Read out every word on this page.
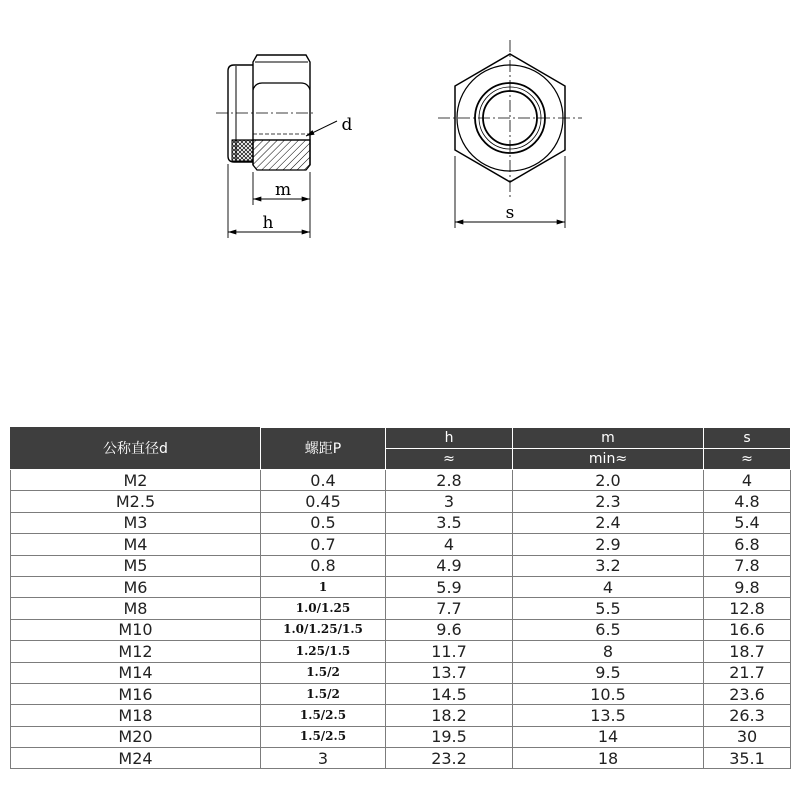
d
m
h	s
公称直径d	螺距P	h	m	s
		≈	min≈	≈
M2	0.4	2.8	2.0	4
M2.5	0.45	3	2.3	4.8
M3	0.5	3.5	2.4	5.4
M4	0.7	4	2.9	6.8
M5	0.8	4.9	3.2	7.8
M6	1	5.9	4	9.8
M8	1.0/1.25	7.7	5.5	12.8
M10	1.0/1.25/1.5	9.6	6.5	16.6
M12	1.25/1.5	11.7	8	18.7
M14	1.5/2	13.7	9.5	21.7
M16	1.5/2	14.5	10.5	23.6
M18	1.5/2.5	18.2	13.5	26.3
M20	1.5/2.5	19.5	14	30
M24	3	23.2	18	35.1
